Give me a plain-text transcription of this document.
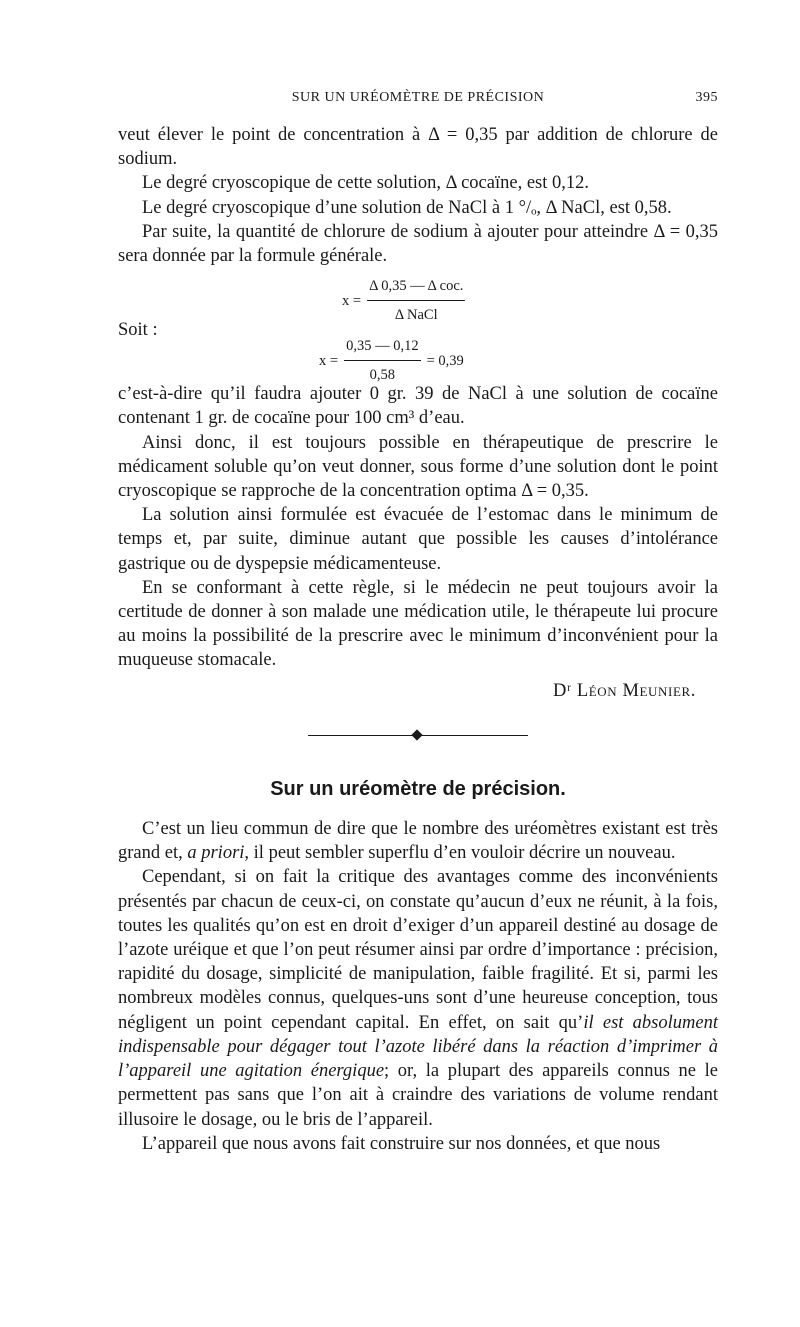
SUR UN URÉOMÈTRE DE PRÉCISION	395

veut élever le point de concentration à Δ = 0,35 par addition de chlorure de sodium.

Le degré cryoscopique de cette solution, Δ cocaïne, est 0,12.

Le degré cryoscopique d’une solution de NaCl à 1 °/ₒ, Δ NaCl, est 0,58.

Par suite, la quantité de chlorure de sodium à ajouter pour atteindre Δ = 0,35 sera donnée par la formule générale.

Soit :
$x = \frac{\text{Δ 0,35 — Δ coc.}}{\text{Δ NaCl}}$
$x = \frac{0,35 — 0,12}{0,58} = 0,39$

c’est-à-dire qu’il faudra ajouter 0 gr. 39 de NaCl à une solution de cocaïne contenant 1 gr. de cocaïne pour 100 cm³ d’eau.

Ainsi donc, il est toujours possible en thérapeutique de prescrire le médicament soluble qu’on veut donner, sous forme d’une solution dont le point cryoscopique se rapproche de la concentration optima Δ = 0,35.

La solution ainsi formulée est évacuée de l’estomac dans le minimum de temps et, par suite, diminue autant que possible les causes d’intolérance gastrique ou de dyspepsie médicamenteuse.

En se conformant à cette règle, si le médecin ne peut toujours avoir la certitude de donner à son malade une médication utile, le thérapeute lui procure au moins la possibilité de la prescrire avec le minimum d’inconvénient pour la muqueuse stomacale.

Dʳ Léon Meunier.

Sur un uréomètre de précision.

C’est un lieu commun de dire que le nombre des uréomètres existant est très grand et, a priori, il peut sembler superflu d’en vouloir décrire un nouveau.

Cependant, si on fait la critique des avantages comme des inconvénients présentés par chacun de ceux-ci, on constate qu’aucun d’eux ne réunit, à la fois, toutes les qualités qu’on est en droit d’exiger d’un appareil destiné au dosage de l’azote uréique et que l’on peut résumer ainsi par ordre d’importance : précision, rapidité du dosage, simplicité de manipulation, faible fragilité. Et si, parmi les nombreux modèles connus, quelques-uns sont d’une heureuse conception, tous négligent un point cependant capital. En effet, on sait qu’il est absolument indispensable pour dégager tout l’azote libéré dans la réaction d’imprimer à l’appareil une agitation énergique; or, la plupart des appareils connus ne le permettent pas sans que l’on ait à craindre des variations de volume rendant illusoire le dosage, ou le bris de l’appareil.

L’appareil que nous avons fait construire sur nos données, et que nous
